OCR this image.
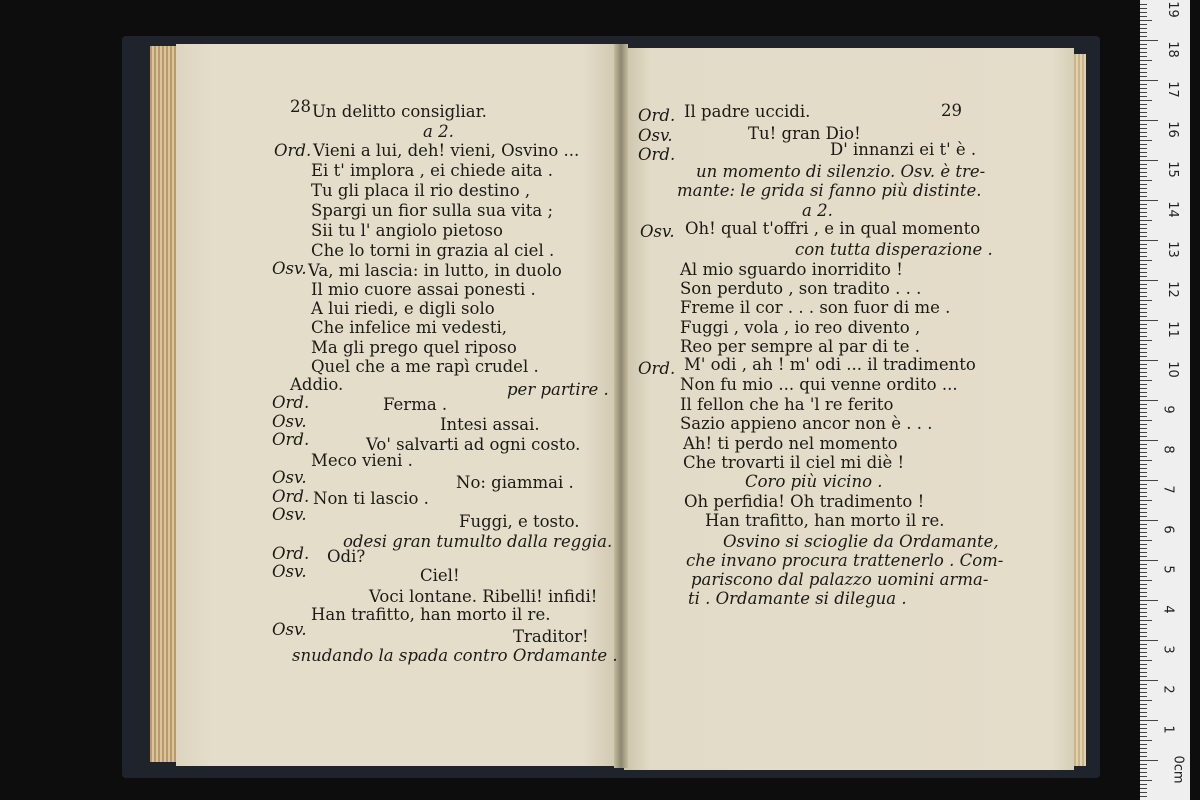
28	29
Un delitto consigliar.
a 2.
Ord. Vieni a lui, deh! vieni, Osvino ...
Ei t' implora , ei chiede aita .
Tu gli placa il rio destino ,
Spargi un fior sulla sua vita ;
Sii tu l' angiolo pietoso
Che lo torni in grazia al ciel .
Osv. Va, mi lascia: in lutto, in duolo
Il mio cuore assai ponesti .
A lui riedi, e digli solo
Che infelice mi vedesti,
Ma gli prego quel riposo
Quel che a me rapì crudel .
Addio.	per partire .
Ord.	Ferma .
Osv.	Intesi assai.
Ord.	Vo' salvarti ad ogni costo.
Meco vieni .
Osv.	No: giammai .
Ord. Non ti lascio .
Osv.	Fuggi, e tosto.
odesi gran tumulto dalla reggia.
Ord. Odi?
Osv.	Ciel!
Voci lontane. Ribelli! infidi!
Han trafitto, han morto il re.
Osv.	Traditor!
snudando la spada contro Ordamante .
Ord. Il padre uccidi.
Osv.	Tu! gran Dio!
Ord.	D' innanzi ei t' è .
un momento di silenzio. Osv. è tre-
mante: le grida si fanno più distinte.
a 2.
Osv. Oh! qual t'offri , e in qual momento
con tutta disperazione .
Al mio sguardo inorridito !
Son perduto , son tradito . . .
Freme il cor . . . son fuor di me .
Fuggi , vola , io reo divento ,
Reo per sempre al par di te .
Ord. M' odi , ah ! m' odi ... il tradimento
Non fu mio ... qui venne ordito ...
Il fellon che ha 'l re ferito
Sazio appieno ancor non è . . .
Ah! ti perdo nel momento
Che trovarti il ciel mi diè !
Coro più vicino .
Oh perfidia! Oh tradimento !
Han trafitto, han morto il re.
Osvino si scioglie da Ordamante,
che invano procura trattenerlo . Com-
pariscono dal palazzo uomini arma-
ti . Ordamante si dilegua .
19
18
17
16
15
14
13
12
11
10
9
8
7
6
5
4
3
2
1
0cm
